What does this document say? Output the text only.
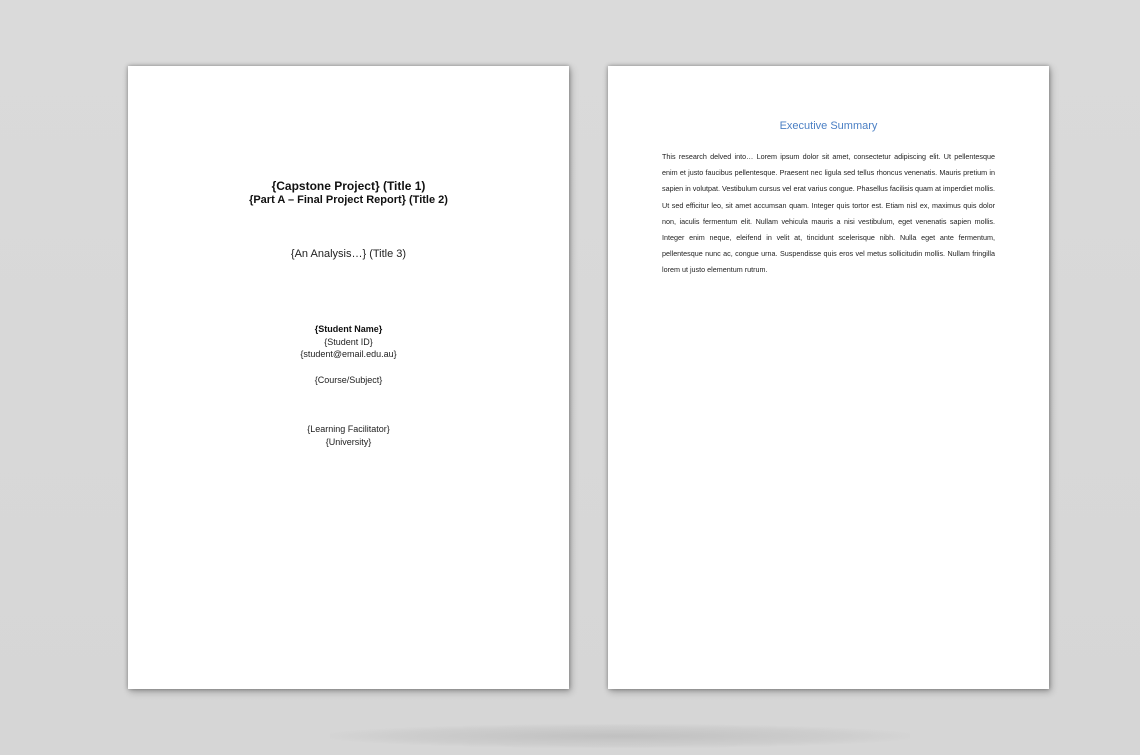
{Capstone Project} (Title 1)
{Part A – Final Project Report} (Title 2)
{An Analysis…} (Title 3)
{Student Name}
{Student ID}
{student@email.edu.au}
{Course/Subject}
{Learning Facilitator}
{University}
Executive Summary
This research delved into… Lorem ipsum dolor sit amet, consectetur adipiscing elit. Ut pellentesque enim et justo faucibus pellentesque. Praesent nec ligula sed tellus rhoncus venenatis. Mauris pretium in sapien in volutpat. Vestibulum cursus vel erat varius congue. Phasellus facilisis quam at imperdiet mollis. Ut sed efficitur leo, sit amet accumsan quam. Integer quis tortor est. Etiam nisl ex, maximus quis dolor non, iaculis fermentum elit. Nullam vehicula mauris a nisi vestibulum, eget venenatis sapien mollis. Integer enim neque, eleifend in velit at, tincidunt scelerisque nibh. Nulla eget ante fermentum, pellentesque nunc ac, congue urna. Suspendisse quis eros vel metus sollicitudin mollis. Nullam fringilla lorem ut justo elementum rutrum.
